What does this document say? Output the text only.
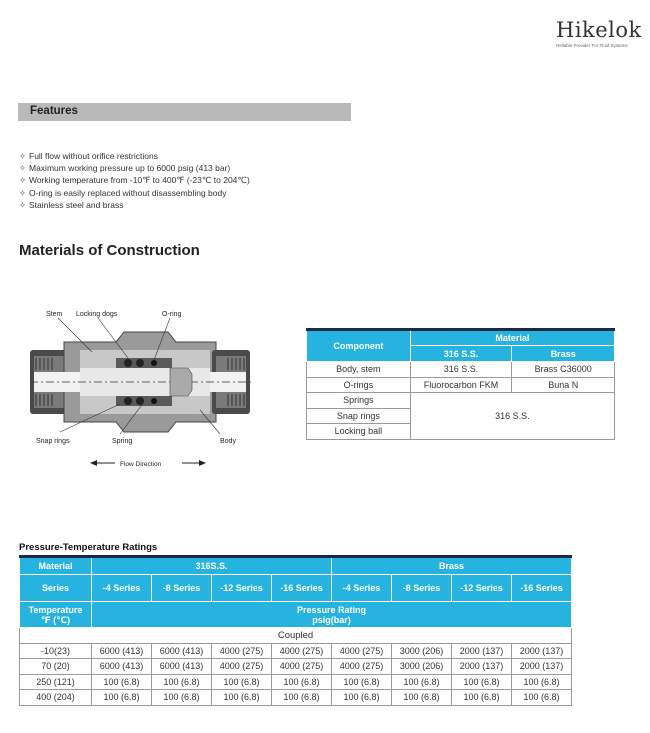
Hikelok
Reliable Provider For Fluid Systems
Features
✧ Full flow without orifice restrictions
✧ Maximum working pressure up to 6000 psig (413 bar)
✧ Working temperature from -10℉ to 400℉ (-23℃ to 204℃)
✧ O-ring is easily replaced without disassembling body
✧ Stainless steel and brass
Materials of Construction
Stem Locking dogs	O-ring
Snap rings	Spring	Body
Flow Direction
Component	Material	
	316 S.S.	Brass
Body, stem	316 S.S.	Brass C36000
O-rings	Fluorocarbon FKM	Buna N
Springs	316 S.S.	
Snap rings		
Locking ball		
Pressure-Temperature Ratings
Material	316S.S.				Brass			
Series	-4 Series	-8 Series	-12 Series	-16 Series	-4 Series	-8 Series	-12 Series	-16 Series
Temperature
℉ (℃)	Pressure Rating
psig(bar)							
Coupled								
-10(23)	6000 (413)	6000 (413)	4000 (275)	4000 (275)	4000 (275)	3000 (206)	2000 (137)	2000 (137)
70 (20)	6000 (413)	6000 (413)	4000 (275)	4000 (275)	4000 (275)	3000 (206)	2000 (137)	2000 (137)
250 (121)	100 (6.8)	100 (6.8)	100 (6.8)	100 (6.8)	100 (6.8)	100 (6.8)	100 (6.8)	100 (6.8)
400 (204)	100 (6.8)	100 (6.8)	100 (6.8)	100 (6.8)	100 (6.8)	100 (6.8)	100 (6.8)	100 (6.8)
